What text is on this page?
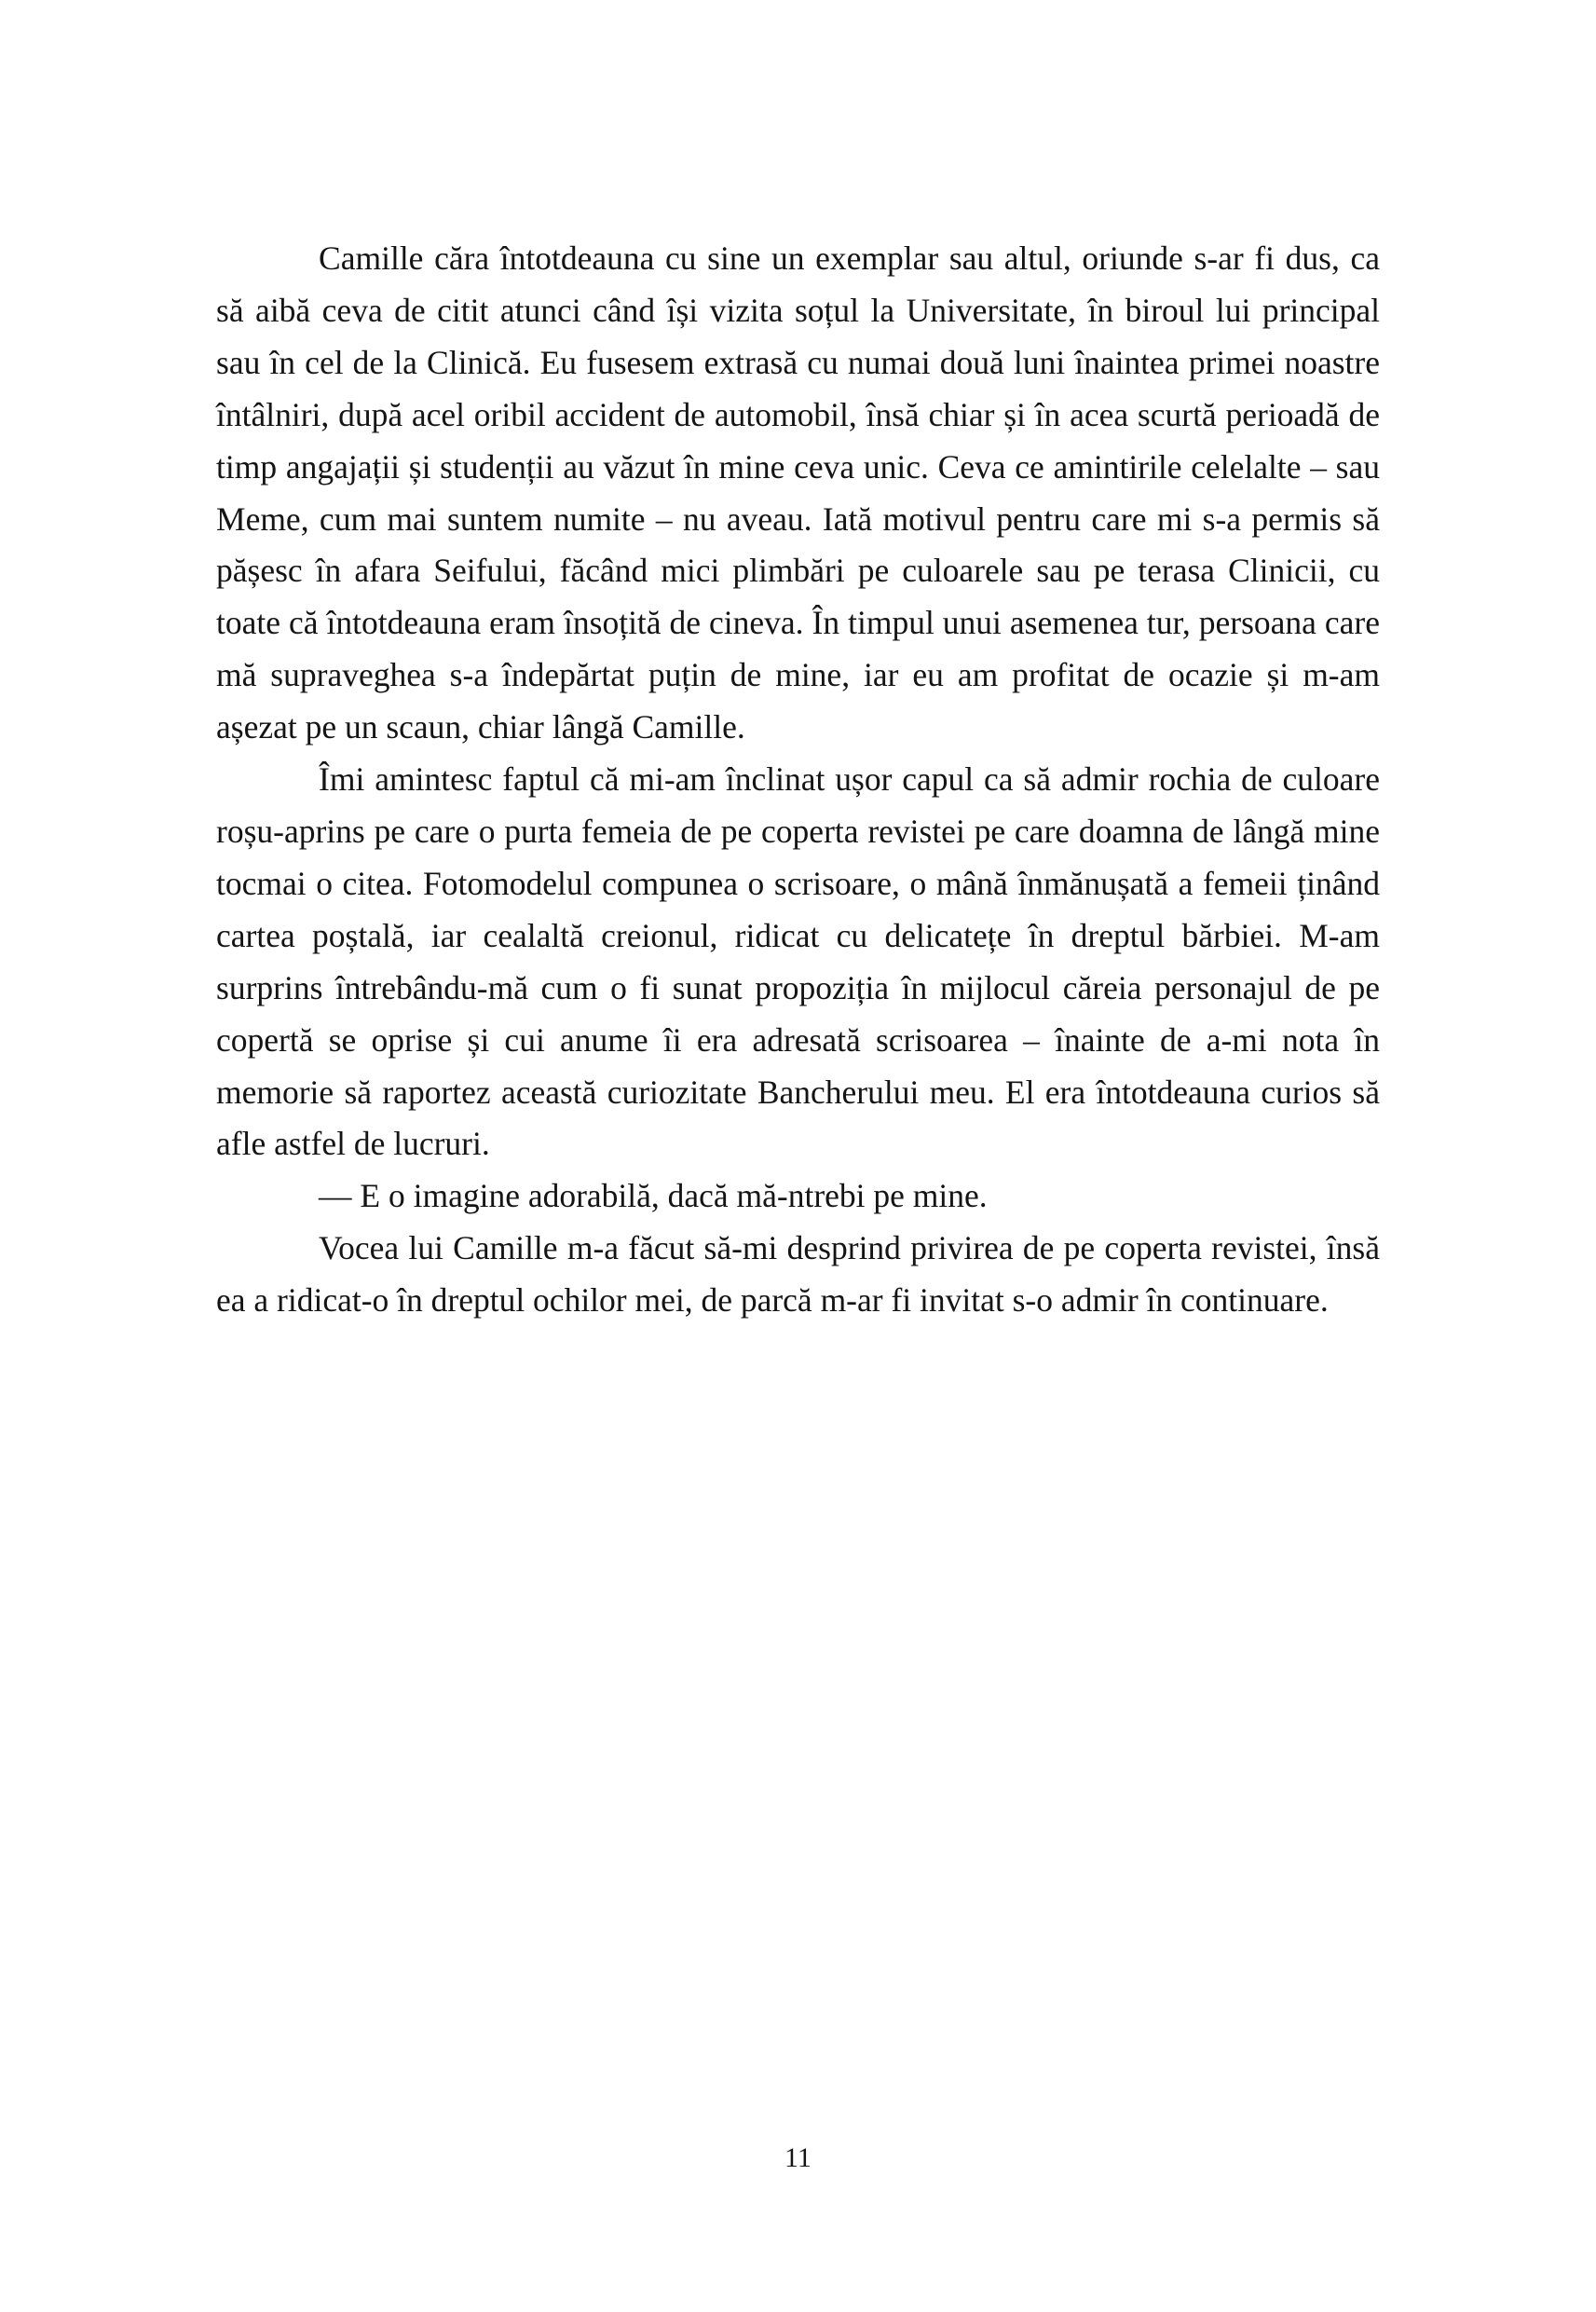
Camille căra întotdeauna cu sine un exemplar sau altul, oriunde s-ar fi dus, ca să aibă ceva de citit atunci când își vizita soțul la Universitate, în biroul lui principal sau în cel de la Clinică. Eu fusesem extrasă cu numai două luni înaintea primei noastre întâlniri, după acel oribil accident de automobil, însă chiar și în acea scurtă perioadă de timp angajații și studenții au văzut în mine ceva unic. Ceva ce amintirile celelalte – sau Meme, cum mai suntem numite – nu aveau. Iată motivul pentru care mi s-a permis să pășesc în afara Seifului, făcând mici plimbări pe culoarele sau pe terasa Clinicii, cu toate că întotdeauna eram însoțită de cineva. În timpul unui asemenea tur, persoana care mă supraveghea s-a îndepărtat puțin de mine, iar eu am profitat de ocazie și m-am așezat pe un scaun, chiar lângă Camille.

Îmi amintesc faptul că mi-am înclinat ușor capul ca să admir rochia de culoare roșu-aprins pe care o purta femeia de pe coperta revistei pe care doamna de lângă mine tocmai o citea. Fotomodelul compunea o scrisoare, o mână înmănușată a femeii ținând cartea poștală, iar cealaltă creionul, ridicat cu delicatețe în dreptul bărbiei. M-am surprins întrebându-mă cum o fi sunat propoziția în mijlocul căreia personajul de pe copertă se oprise și cui anume îi era adresată scrisoarea – înainte de a-mi nota în memorie să raportez această curiozitate Bancherului meu. El era întotdeauna curios să afle astfel de lucruri.

— E o imagine adorabilă, dacă mă-ntrebi pe mine.

Vocea lui Camille m-a făcut să-mi desprind privirea de pe coperta revistei, însă ea a ridicat-o în dreptul ochilor mei, de parcă m-ar fi invitat s-o admir în continuare.

11
